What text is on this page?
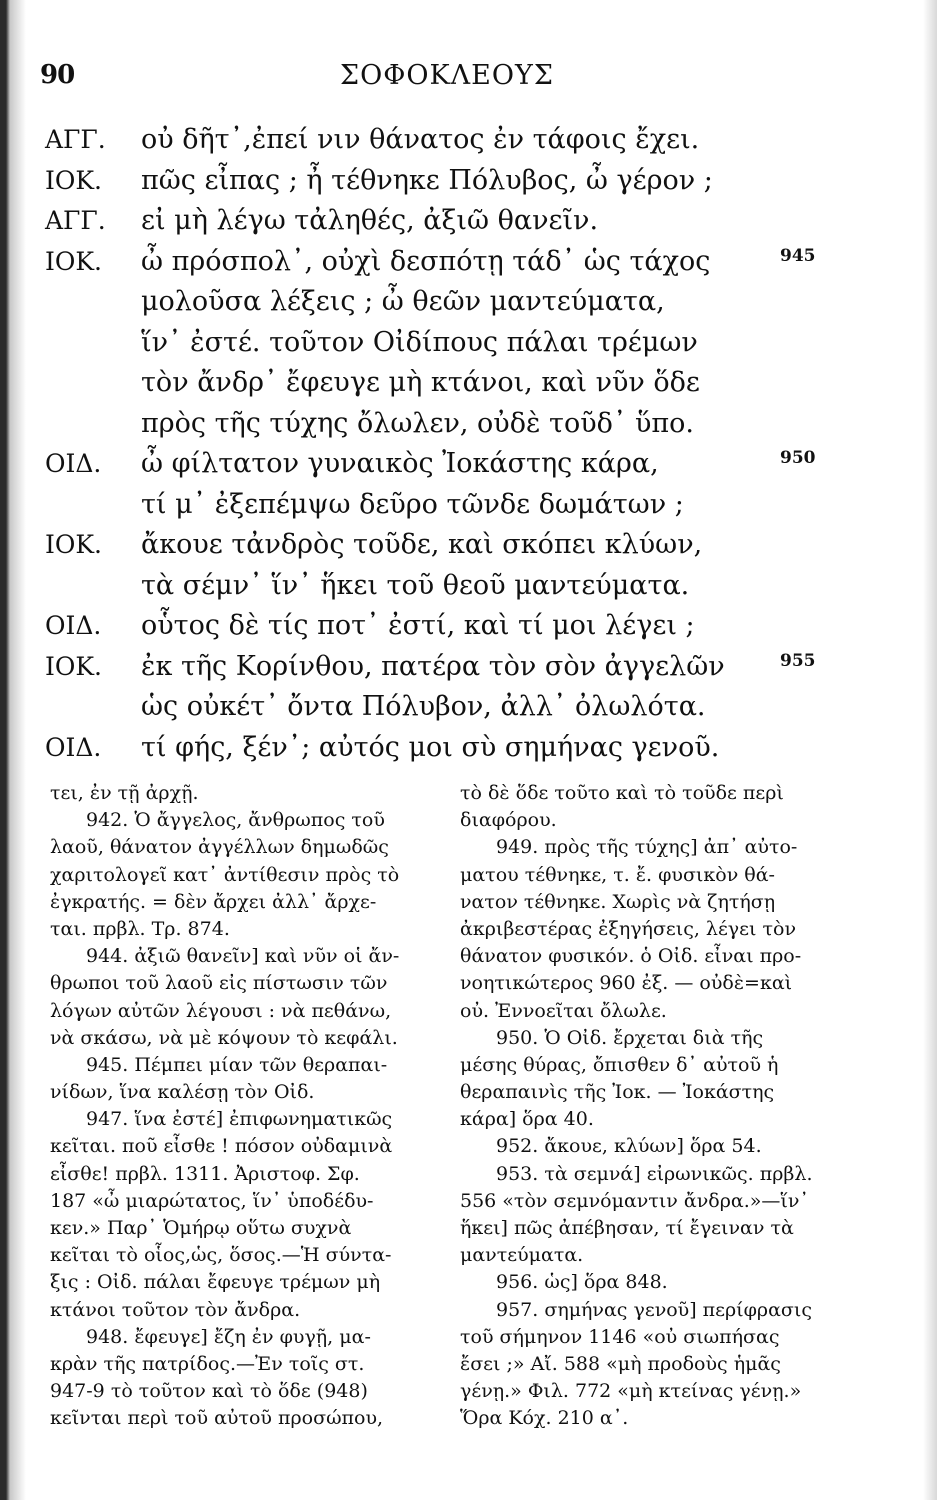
90	ΣΟΦΟΚΛΕΟΥΣ
ΑΓΓ.	οὐ δῆτ᾽,ἐπεί νιν θάνατος ἐν τάφοις ἔχει.
ΙΟΚ.	πῶς εἶπας ; ἦ τέθνηκε Πόλυβος, ὦ γέρον ;
ΑΓΓ.	εἰ μὴ λέγω τἀληθές, ἀξιῶ θανεῖν.
ΙΟΚ.	ὦ πρόσπολ᾽, οὐχὶ δεσπότῃ τάδ᾽ ὡς τάχος	945
μολοῦσα λέξεις ; ὦ θεῶν μαντεύματα,
ἵν᾽ ἐστέ. τοῦτον Οἰδίπους πάλαι τρέμων
τὸν ἄνδρ᾽ ἔφευγε μὴ κτάνοι, καὶ νῦν ὅδε
πρὸς τῆς τύχης ὄλωλεν, οὐδὲ τοῦδ᾽ ὕπο.
ΟΙΔ.	ὦ φίλτατον γυναικὸς Ἰοκάστης κάρα,	950
τί μ᾽ ἐξεπέμψω δεῦρο τῶνδε δωμάτων ;
ΙΟΚ.	ἄκουε τἀνδρὸς τοῦδε, καὶ σκόπει κλύων,
τὰ σέμν᾽ ἵν᾽ ἥκει τοῦ θεοῦ μαντεύματα.
ΟΙΔ.	οὗτος δὲ τίς ποτ᾽ ἐστί, καὶ τί μοι λέγει ;
ΙΟΚ.	ἐκ τῆς Κορίνθου, πατέρα τὸν σὸν ἀγγελῶν	955
ὡς οὐκέτ᾽ ὄντα Πόλυβον, ἀλλ᾽ ὀλωλότα.
ΟΙΔ.	τί φής, ξέν᾽; αὐτός μοι σὺ σημήνας γενοῦ.
τει, ἐν τῇ ἀρχῇ.
942. Ὁ ἄγγελος, ἄνθρωπος τοῦ
λαοῦ, θάνατον ἀγγέλλων δημωδῶς
χαριτολογεῖ κατ᾽ ἀντίθεσιν πρὸς τὸ
ἐγκρατής. = δὲν ἄρχει ἀλλ᾽ ἄρχε-
ται. πρβλ. Τρ. 874.
944. ἀξιῶ θανεῖν] καὶ νῦν οἱ ἄν-
θρωποι τοῦ λαοῦ εἰς πίστωσιν τῶν
λόγων αὐτῶν λέγουσι : νὰ πεθάνω,
νὰ σκάσω, νὰ μὲ κόψουν τὸ κεφάλι.
945. Πέμπει μίαν τῶν θεραπαι-
νίδων, ἵνα καλέσῃ τὸν Οἰδ.
947. ἵνα ἐστέ] ἐπιφωνηματικῶς
κεῖται. ποῦ εἶσθε ! πόσον οὐδαμινὰ
εἶσθε! πρβλ. 1311. Ἀριστοφ. Σφ.
187 «ὦ μιαρώτατος, ἵν᾽ ὑποδέδυ-
κεν.» Παρ᾽ Ὁμήρῳ οὕτω συχνὰ
κεῖται τὸ οἷος,ὡς, ὅσος.—Ἡ σύντα-
ξις : Οἰδ. πάλαι ἔφευγε τρέμων μὴ
κτάνοι τοῦτον τὸν ἄνδρα.
948. ἔφευγε] ἔζη ἐν φυγῇ, μα-
κρὰν τῆς πατρίδος.—Ἐν τοῖς στ.
947-9 τὸ τοῦτον καὶ τὸ ὅδε (948)
κεῖνται περὶ τοῦ αὐτοῦ προσώπου,
τὸ δὲ ὅδε τοῦτο καὶ τὸ τοῦδε περὶ
διαφόρου.
949. πρὸς τῆς τύχης] ἀπ᾽ αὐτο-
ματου τέθνηκε, τ. ἔ. φυσικὸν θά-
νατον τέθνηκε. Χωρὶς νὰ ζητήσῃ
ἀκριβεστέρας ἐξηγήσεις, λέγει τὸν
θάνατον φυσικόν. ὁ Οἰδ. εἶναι προ-
νοητικώτερος 960 ἐξ. — οὐδὲ=καὶ
οὐ. Ἐννοεῖται ὄλωλε.
950. Ὁ Οἰδ. ἔρχεται διὰ τῆς
μέσης θύρας, ὄπισθεν δ᾽ αὐτοῦ ἡ
θεραπαινὶς τῆς Ἰοκ. — Ἰοκάστης
κάρα] ὅρα 40.
952. ἄκουε, κλύων] ὅρα 54.
953. τὰ σεμνά] εἰρωνικῶς. πρβλ.
556 «τὸν σεμνόμαντιν ἄνδρα.»—ἵν᾽
ἥκει] πῶς ἀπέβησαν, τί ἔγειναν τὰ
μαντεύματα.
956. ὡς] ὅρα 848.
957. σημήνας γενοῦ] περίφρασις
τοῦ σήμηνον 1146 «οὐ σιωπήσας
ἔσει ;» Αἴ. 588 «μὴ προδοὺς ἡμᾶς
γένῃ.» Φιλ. 772 «μὴ κτείνας γένῃ.»
Ὅρα Κόχ. 210 α᾽.
